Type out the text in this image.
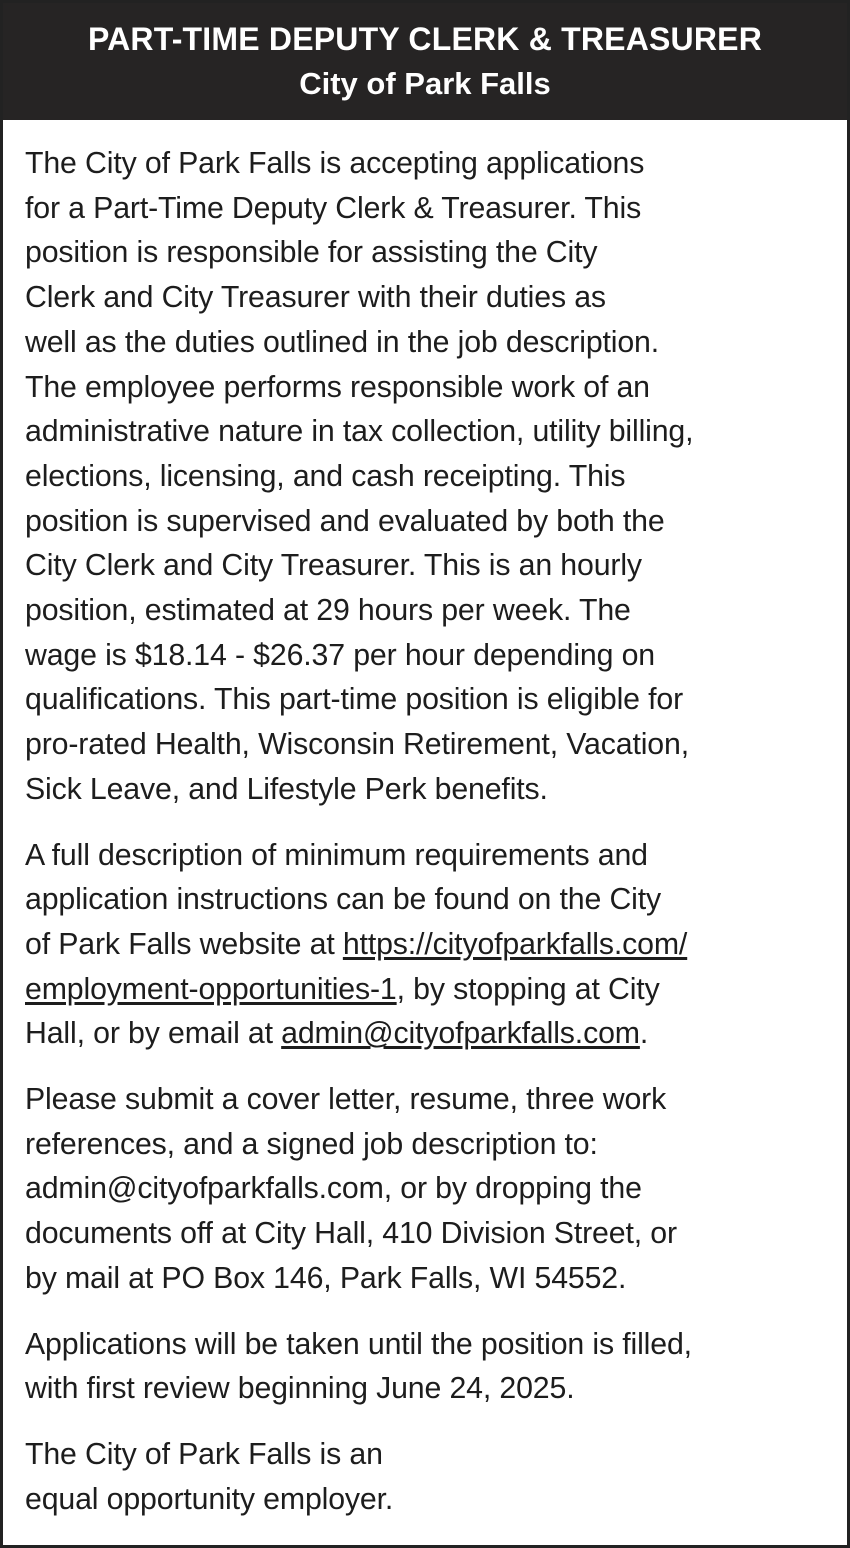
PART-TIME DEPUTY CLERK & TREASURER
City of Park Falls

The City of Park Falls is accepting applications
for a Part-Time Deputy Clerk & Treasurer. This
position is responsible for assisting the City
Clerk and City Treasurer with their duties as
well as the duties outlined in the job description.
The employee performs responsible work of an
administrative nature in tax collection, utility billing,
elections, licensing, and cash receipting. This
position is supervised and evaluated by both the
City Clerk and City Treasurer. This is an hourly
position, estimated at 29 hours per week. The
wage is $18.14 - $26.37 per hour depending on
qualifications. This part-time position is eligible for
pro-rated Health, Wisconsin Retirement, Vacation,
Sick Leave, and Lifestyle Perk benefits.

A full description of minimum requirements and
application instructions can be found on the City
of Park Falls website at https://cityofparkfalls.com/
employment-opportunities-1, by stopping at City
Hall, or by email at admin@cityofparkfalls.com.

Please submit a cover letter, resume, three work
references, and a signed job description to:
admin@cityofparkfalls.com, or by dropping the
documents off at City Hall, 410 Division Street, or
by mail at PO Box 146, Park Falls, WI 54552.

Applications will be taken until the position is filled,
with first review beginning June 24, 2025.

The City of Park Falls is an
equal opportunity employer.
